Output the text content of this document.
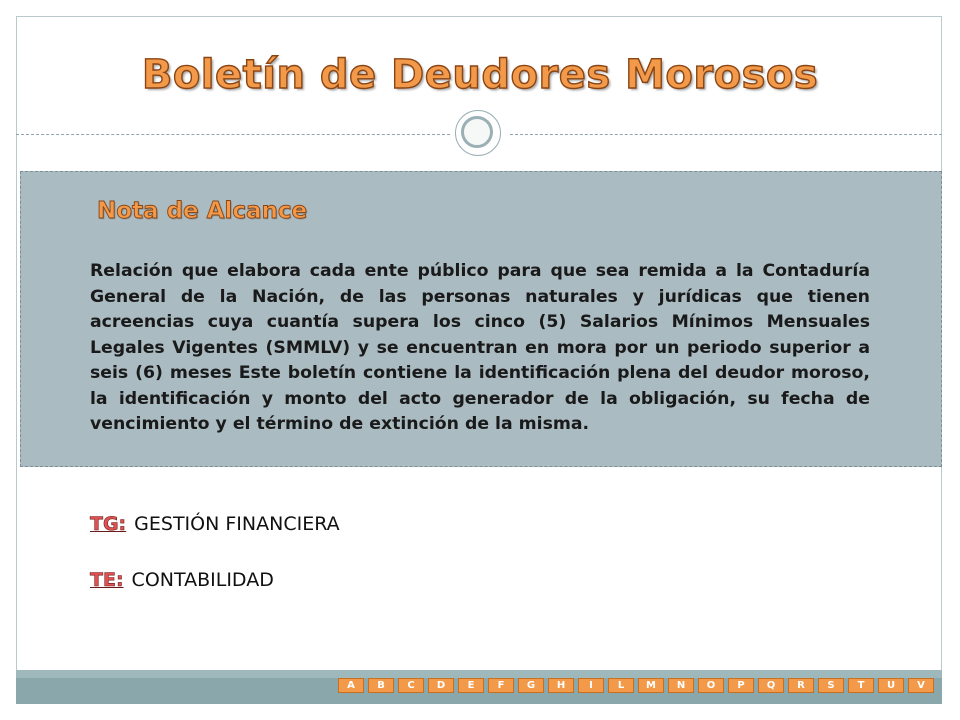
Boletín de Deudores Morosos
Nota de Alcance

Relación que elabora cada ente público para que sea remida a la Contaduría General de la Nación, de las personas naturales y jurídicas que tienen acreencias cuya cuantía supera los cinco (5) Salarios Mínimos Mensuales Legales Vigentes (SMMLV) y se encuentran en mora por un periodo superior a seis (6) meses Este boletín contiene la identificación plena del deudor moroso, la identificación y monto del acto generador de la obligación, su fecha de vencimiento y el término de extinción de la misma.

TG: GESTIÓN FINANCIERA
TE: CONTABILIDAD
A	B	C	D	E	F	G	H	I	L	M	N	O	P	Q	R	S	T	U	V
